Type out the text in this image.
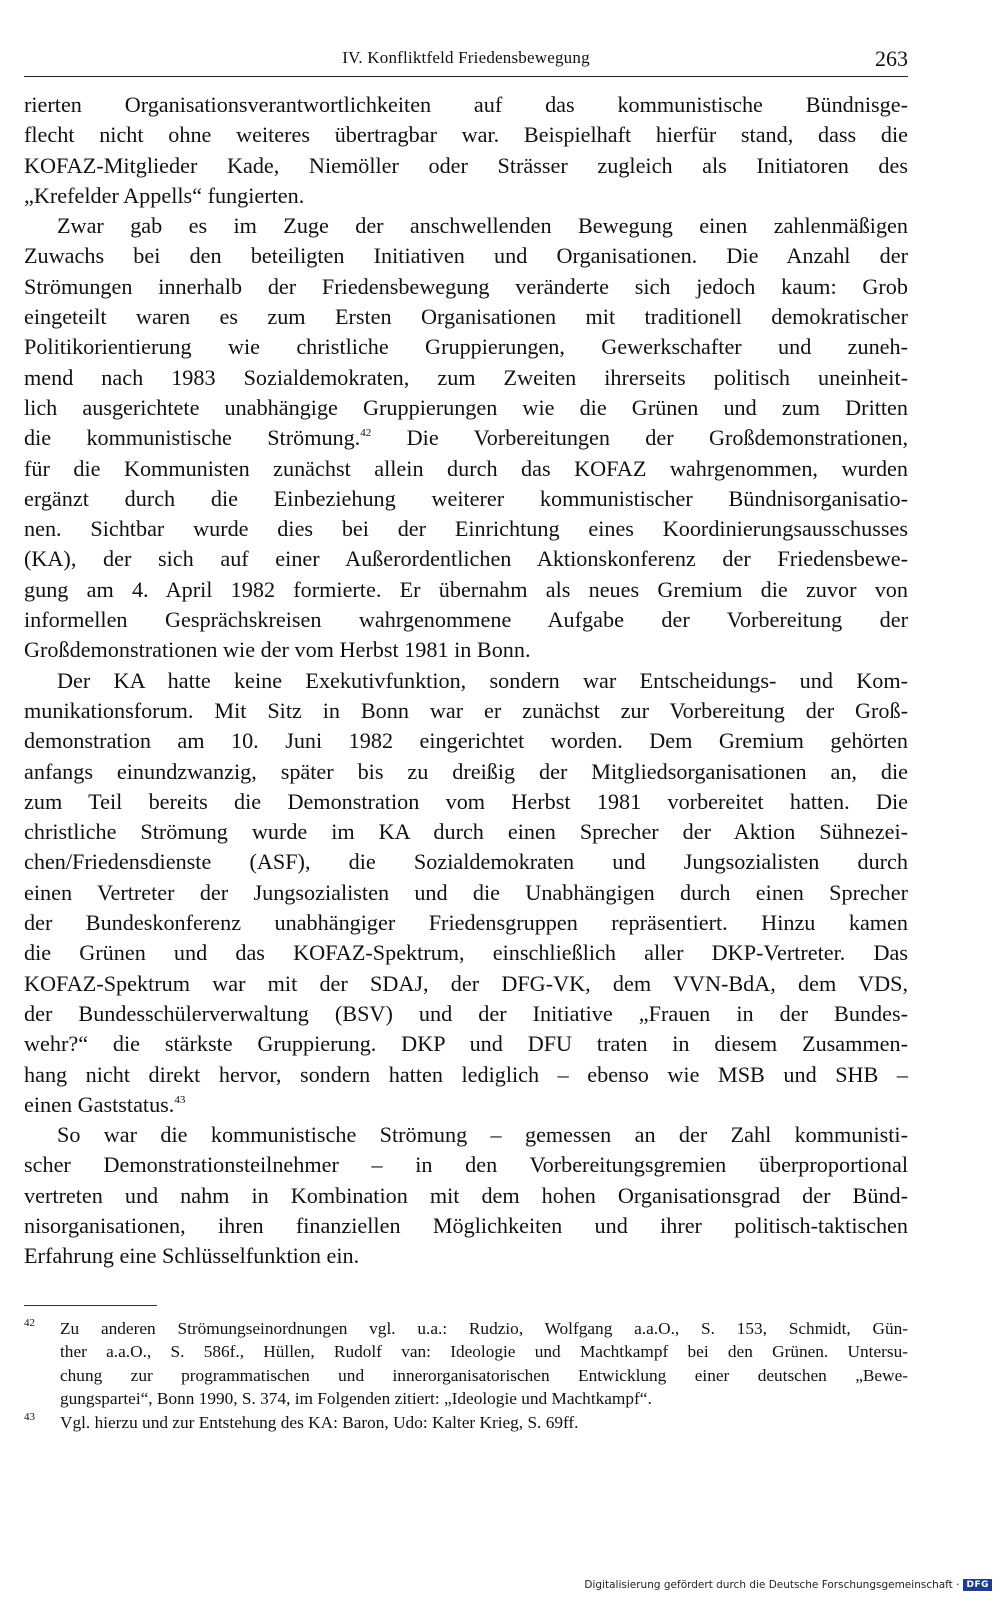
IV. Konfliktfeld Friedensbewegung	263
rierten Organisationsverantwortlichkeiten auf das kommunistische Bündnisge-
flecht nicht ohne weiteres übertragbar war. Beispielhaft hierfür stand, dass die
KOFAZ-Mitglieder Kade, Niemöller oder Strässer zugleich als Initiatoren des
„Krefelder Appells“ fungierten.
Zwar gab es im Zuge der anschwellenden Bewegung einen zahlenmäßigen
Zuwachs bei den beteiligten Initiativen und Organisationen. Die Anzahl der
Strömungen innerhalb der Friedensbewegung veränderte sich jedoch kaum: Grob
eingeteilt waren es zum Ersten Organisationen mit traditionell demokratischer
Politikorientierung wie christliche Gruppierungen, Gewerkschafter und zuneh-
mend nach 1983 Sozialdemokraten, zum Zweiten ihrerseits politisch uneinheit-
lich ausgerichtete unabhängige Gruppierungen wie die Grünen und zum Dritten
die kommunistische Strömung.$^{42}$ Die Vorbereitungen der Großdemonstrationen,
für die Kommunisten zunächst allein durch das KOFAZ wahrgenommen, wurden
ergänzt durch die Einbeziehung weiterer kommunistischer Bündnisorganisatio-
nen. Sichtbar wurde dies bei der Einrichtung eines Koordinierungsausschusses
(KA), der sich auf einer Außerordentlichen Aktionskonferenz der Friedensbewe-
gung am 4. April 1982 formierte. Er übernahm als neues Gremium die zuvor von
informellen Gesprächskreisen wahrgenommene Aufgabe der Vorbereitung der
Großdemonstrationen wie der vom Herbst 1981 in Bonn.
Der KA hatte keine Exekutivfunktion, sondern war Entscheidungs- und Kom-
munikationsforum. Mit Sitz in Bonn war er zunächst zur Vorbereitung der Groß-
demonstration am 10. Juni 1982 eingerichtet worden. Dem Gremium gehörten
anfangs einundzwanzig, später bis zu dreißig der Mitgliedsorganisationen an, die
zum Teil bereits die Demonstration vom Herbst 1981 vorbereitet hatten. Die
christliche Strömung wurde im KA durch einen Sprecher der Aktion Sühnezei-
chen/Friedensdienste (ASF), die Sozialdemokraten und Jungsozialisten durch
einen Vertreter der Jungsozialisten und die Unabhängigen durch einen Sprecher
der Bundeskonferenz unabhängiger Friedensgruppen repräsentiert. Hinzu kamen
die Grünen und das KOFAZ-Spektrum, einschließlich aller DKP-Vertreter. Das
KOFAZ-Spektrum war mit der SDAJ, der DFG-VK, dem VVN-BdA, dem VDS,
der Bundesschülerverwaltung (BSV) und der Initiative „Frauen in der Bundes-
wehr?“ die stärkste Gruppierung. DKP und DFU traten in diesem Zusammen-
hang nicht direkt hervor, sondern hatten lediglich – ebenso wie MSB und SHB –
einen Gaststatus.$^{43}$
So war die kommunistische Strömung – gemessen an der Zahl kommunisti-
scher Demonstrationsteilnehmer – in den Vorbereitungsgremien überproportional
vertreten und nahm in Kombination mit dem hohen Organisationsgrad der Bünd-
nisorganisationen, ihren finanziellen Möglichkeiten und ihrer politisch-taktischen
Erfahrung eine Schlüsselfunktion ein.
42 Zu anderen Strömungseinordnungen vgl. u.a.: Rudzio, Wolfgang a.a.O., S. 153, Schmidt, Gün-
ther a.a.O., S. 586f., Hüllen, Rudolf van: Ideologie und Machtkampf bei den Grünen. Untersu-
chung zur programmatischen und innerorganisatorischen Entwicklung einer deutschen „Bewe-
gungspartei“, Bonn 1990, S. 374, im Folgenden zitiert: „Ideologie und Machtkampf“.
43 Vgl. hierzu und zur Entstehung des KA: Baron, Udo: Kalter Krieg, S. 69ff.
Digitalisierung gefördert durch die Deutsche Forschungsgemeinschaft · DFG
